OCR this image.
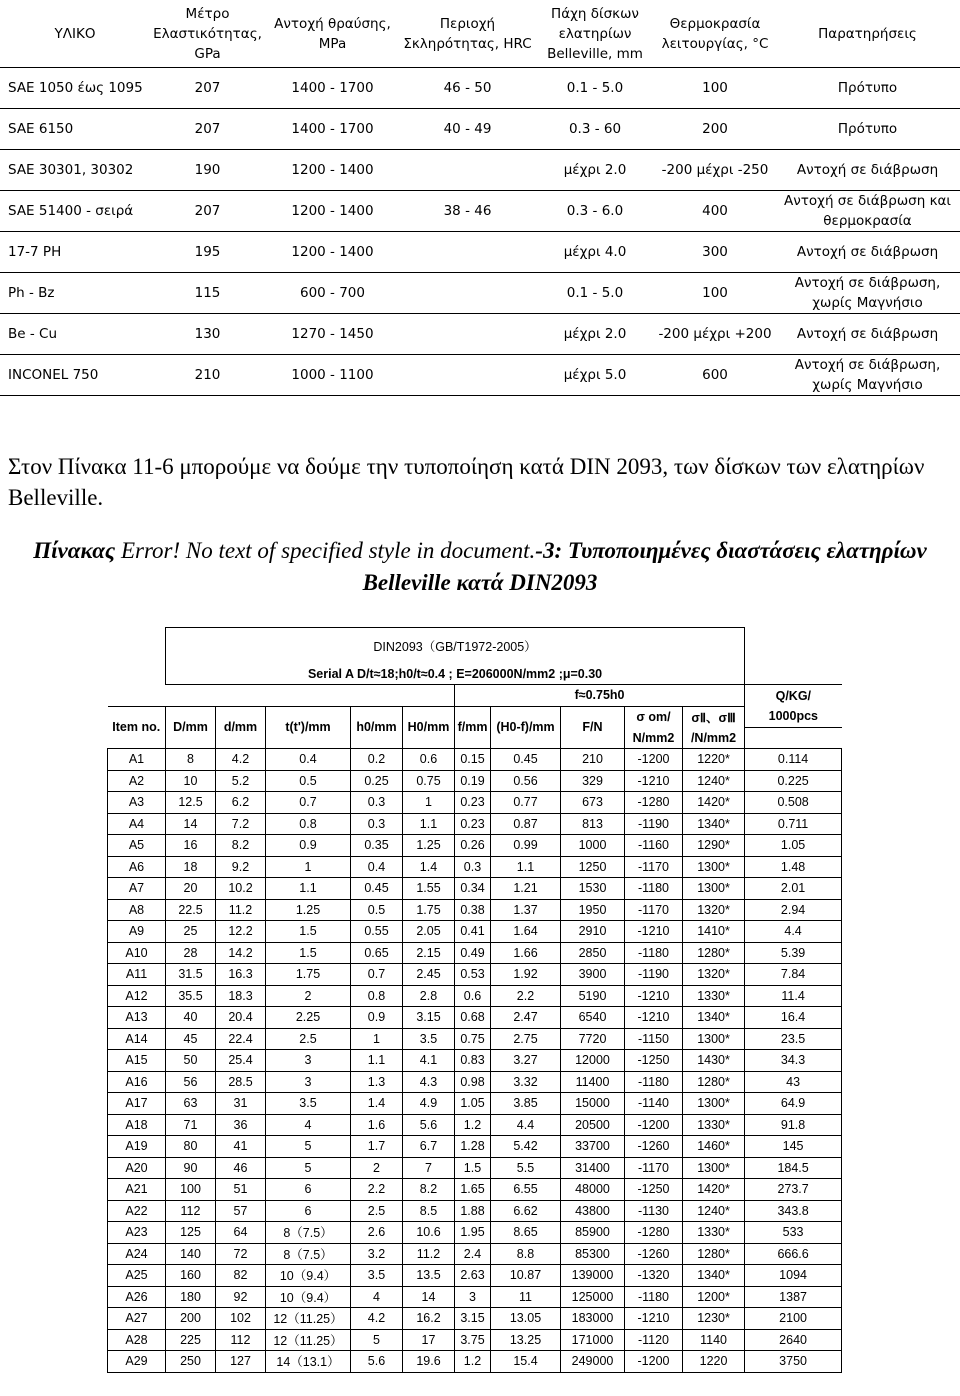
ΥΛΙΚΟ	Μέτρο Ελαστικότητας, GPa	Αντοχή θραύσης, MPa	Περιοχή Σκληρότητας, HRC	Πάχη δίσκων ελατηρίων Belleville, mm	Θερμοκρασία λειτουργίας, °C	Παρατηρήσεις
SAE 1050 έως 1095	207	1400 - 1700	46 - 50	0.1 - 5.0	100	Πρότυπο
SAE 6150	207	1400 - 1700	40 - 49	0.3 - 60	200	Πρότυπο
SAE 30301, 30302	190	1200 - 1400		μέχρι 2.0	-200 μέχρι -250	Αντοχή σε διάβρωση
SAE 51400 - σειρά	207	1200 - 1400	38 - 46	0.3 - 6.0	400	Αντοχή σε διάβρωση και θερμοκρασία
17-7 PH	195	1200 - 1400		μέχρι 4.0	300	Αντοχή σε διάβρωση
Ph - Bz	115	600 - 700		0.1 - 5.0	100	Αντοχή σε διάβρωση, χωρίς Μαγνήσιο
Be - Cu	130	1270 - 1450		μέχρι 2.0	-200 μέχρι +200	Αντοχή σε διάβρωση
INCONEL 750	210	1000 - 1100		μέχρι 5.0	600	Αντοχή σε διάβρωση, χωρίς Μαγνήσιο
Στον Πίνακα 11-6 μπορούμε να δούμε την τυποποίηση κατά DIN 2093, των δίσκων των ελατηρίων Belleville.
Πίνακας Error! No text of specified style in document.-3: Τυποποιημένες διαστάσεις ελατηρίων Belleville κατά DIN2093
	DIN2093（GB/T1972-2005）										
	Serial A D/t≈18;h0/t≈0.4 ; E=206000N/mm2 ;μ=0.30										
						f≈0.75h0					Q/KG/
Item no.	D/mm	d/mm	t(t')/mm	h0/mm	H0/mm	f/mm	(H0-f)/mm	F/N	σ om/	σⅡ、σⅢ	1000pcs
									N/mm2	/N/mm2	
A1	8	4.2	0.4	0.2	0.6	0.15	0.45	210	-1200	1220*	0.114
A2	10	5.2	0.5	0.25	0.75	0.19	0.56	329	-1210	1240*	0.225
A3	12.5	6.2	0.7	0.3	1	0.23	0.77	673	-1280	1420*	0.508
A4	14	7.2	0.8	0.3	1.1	0.23	0.87	813	-1190	1340*	0.711
A5	16	8.2	0.9	0.35	1.25	0.26	0.99	1000	-1160	1290*	1.05
A6	18	9.2	1	0.4	1.4	0.3	1.1	1250	-1170	1300*	1.48
A7	20	10.2	1.1	0.45	1.55	0.34	1.21	1530	-1180	1300*	2.01
A8	22.5	11.2	1.25	0.5	1.75	0.38	1.37	1950	-1170	1320*	2.94
A9	25	12.2	1.5	0.55	2.05	0.41	1.64	2910	-1210	1410*	4.4
A10	28	14.2	1.5	0.65	2.15	0.49	1.66	2850	-1180	1280*	5.39
A11	31.5	16.3	1.75	0.7	2.45	0.53	1.92	3900	-1190	1320*	7.84
A12	35.5	18.3	2	0.8	2.8	0.6	2.2	5190	-1210	1330*	11.4
A13	40	20.4	2.25	0.9	3.15	0.68	2.47	6540	-1210	1340*	16.4
A14	45	22.4	2.5	1	3.5	0.75	2.75	7720	-1150	1300*	23.5
A15	50	25.4	3	1.1	4.1	0.83	3.27	12000	-1250	1430*	34.3
A16	56	28.5	3	1.3	4.3	0.98	3.32	11400	-1180	1280*	43
A17	63	31	3.5	1.4	4.9	1.05	3.85	15000	-1140	1300*	64.9
A18	71	36	4	1.6	5.6	1.2	4.4	20500	-1200	1330*	91.8
A19	80	41	5	1.7	6.7	1.28	5.42	33700	-1260	1460*	145
A20	90	46	5	2	7	1.5	5.5	31400	-1170	1300*	184.5
A21	100	51	6	2.2	8.2	1.65	6.55	48000	-1250	1420*	273.7
A22	112	57	6	2.5	8.5	1.88	6.62	43800	-1130	1240*	343.8
A23	125	64	8（7.5）	2.6	10.6	1.95	8.65	85900	-1280	1330*	533
A24	140	72	8（7.5）	3.2	11.2	2.4	8.8	85300	-1260	1280*	666.6
A25	160	82	10（9.4）	3.5	13.5	2.63	10.87	139000	-1320	1340*	1094
A26	180	92	10（9.4）	4	14	3	11	125000	-1180	1200*	1387
A27	200	102	12（11.25）	4.2	16.2	3.15	13.05	183000	-1210	1230*	2100
A28	225	112	12（11.25）	5	17	3.75	13.25	171000	-1120	1140	2640
A29	250	127	14（13.1）	5.6	19.6	1.2	15.4	249000	-1200	1220	3750
